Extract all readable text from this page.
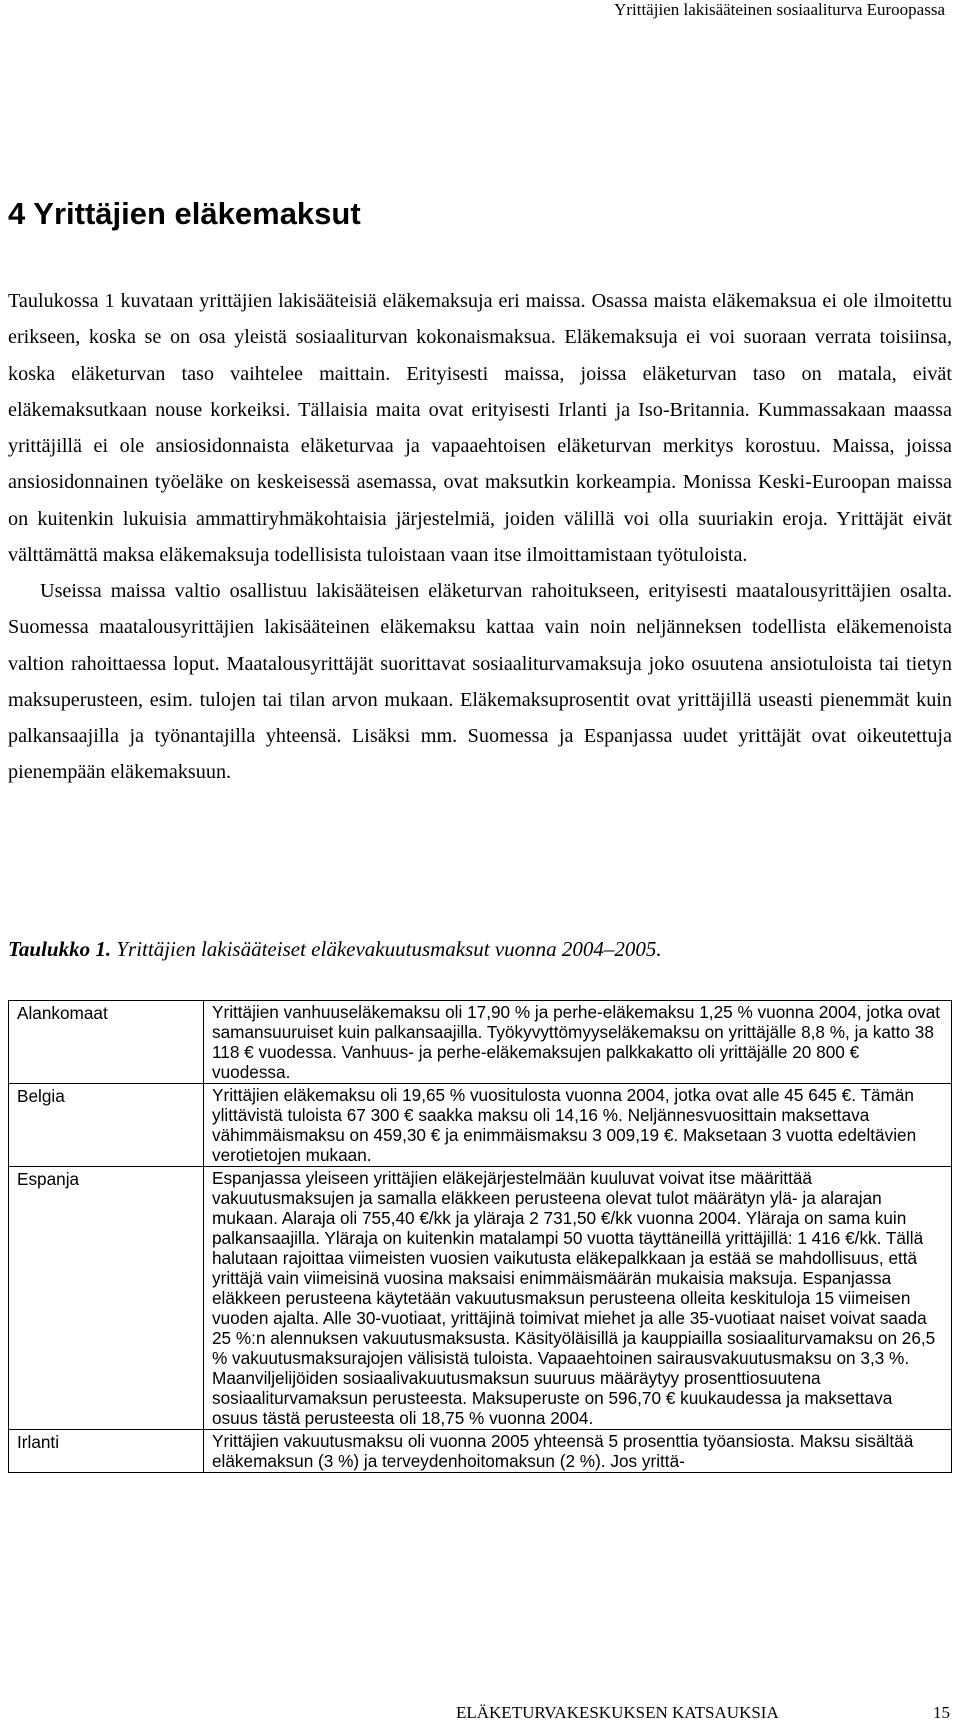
Yrittäjien lakisääteinen sosiaaliturva Euroopassa
4 Yrittäjien eläkemaksut

Taulukossa 1 kuvataan yrittäjien lakisääteisiä eläkemaksuja eri maissa. Osassa maista eläkemaksua ei ole ilmoitettu erikseen, koska se on osa yleistä sosiaaliturvan kokonaismaksua. Eläkemaksuja ei voi suoraan verrata toisiinsa, koska eläketurvan taso vaihtelee maittain. Erityisesti maissa, joissa eläketurvan taso on matala, eivät eläkemaksutkaan nouse korkeiksi. Tällaisia maita ovat erityisesti Irlanti ja Iso-Britannia. Kummassakaan maassa yrittäjillä ei ole ansiosidonnaista eläketurvaa ja vapaaehtoisen eläketurvan merkitys korostuu. Maissa, joissa ansiosidonnainen työeläke on keskeisessä asemassa, ovat maksutkin korkeampia. Monissa Keski-Euroopan maissa on kuitenkin lukuisia ammattiryhmäkohtaisia järjestelmiä, joiden välillä voi olla suuriakin eroja. Yrittäjät eivät välttämättä maksa eläkemaksuja todellisista tuloistaan vaan itse ilmoittamistaan työtuloista.

Useissa maissa valtio osallistuu lakisääteisen eläketurvan rahoitukseen, erityisesti maatalousyrittäjien osalta. Suomessa maatalousyrittäjien lakisääteinen eläkemaksu kattaa vain noin neljänneksen todellista eläkemenoista valtion rahoittaessa loput. Maatalousyrittäjät suorittavat sosiaaliturvamaksuja joko osuutena ansiotuloista tai tietyn maksuperusteen, esim. tulojen tai tilan arvon mukaan. Eläkemaksuprosentit ovat yrittäjillä useasti pienemmät kuin palkansaajilla ja työnantajilla yhteensä. Lisäksi mm. Suomessa ja Espanjassa uudet yrittäjät ovat oikeutettuja pienempään eläkemaksuun.

Taulukko 1. Yrittäjien lakisääteiset eläkevakuutusmaksut vuonna 2004–2005.
Alankomaat	Yrittäjien vanhuuseläkemaksu oli 17,90 % ja perhe-eläkemaksu 1,25 % vuonna 2004, jotka ovat samansuuruiset kuin palkansaajilla. Työkyvyttömyyseläkemaksu on yrittäjälle 8,8 %, ja katto 38 118 € vuodessa. Vanhuus- ja perhe-eläkemaksujen palkkakatto oli yrittäjälle 20 800 € vuodessa.
Belgia	Yrittäjien eläkemaksu oli 19,65 % vuositulosta vuonna 2004, jotka ovat alle 45 645 €. Tämän ylittävistä tuloista 67 300 € saakka maksu oli 14,16 %. Neljännesvuosittain maksettava vähimmäismaksu on 459,30 € ja enimmäismaksu 3 009,19 €. Maksetaan 3 vuotta edeltävien verotietojen mukaan.
Espanja	Espanjassa yleiseen yrittäjien eläkejärjestelmään kuuluvat voivat itse määrittää vakuutusmaksujen ja samalla eläkkeen perusteena olevat tulot määrätyn ylä- ja alarajan mukaan. Alaraja oli 755,40 €/kk ja yläraja 2 731,50 €/kk vuonna 2004. Yläraja on sama kuin palkansaajilla. Yläraja on kuitenkin matalampi 50 vuotta täyttäneillä yrittäjillä: 1 416 €/kk. Tällä halutaan rajoittaa viimeisten vuosien vaikutusta eläkepalkkaan ja estää se mahdollisuus, että yrittäjä vain viimeisinä vuosina maksaisi enimmäismäärän mukaisia maksuja. Espanjassa eläkkeen perusteena käytetään vakuutusmaksun perusteena olleita keskituloja 15 viimeisen vuoden ajalta. Alle 30-vuotiaat, yrittäjinä toimivat miehet ja alle 35-vuotiaat naiset voivat saada 25 %:n alennuksen vakuutusmaksusta. Käsityöläisillä ja kauppiailla sosiaaliturvamaksu on 26,5 % vakuutusmaksurajojen välisistä tuloista. Vapaaehtoinen sairausvakuutusmaksu on 3,3 %. Maanviljelijöiden sosiaalivakuutusmaksun suuruus määräytyy prosenttiosuutena sosiaaliturvamaksun perusteesta. Maksuperuste on 596,70 € kuukaudessa ja maksettava osuus tästä perusteesta oli 18,75 % vuonna 2004.
Irlanti	Yrittäjien vakuutusmaksu oli vuonna 2005 yhteensä 5 prosenttia työansiosta. Maksu sisältää eläkemaksun (3 %) ja terveydenhoitomaksun (2 %). Jos yrittä-
ELÄKETURVAKESKUKSEN KATSAUKSIA	15
